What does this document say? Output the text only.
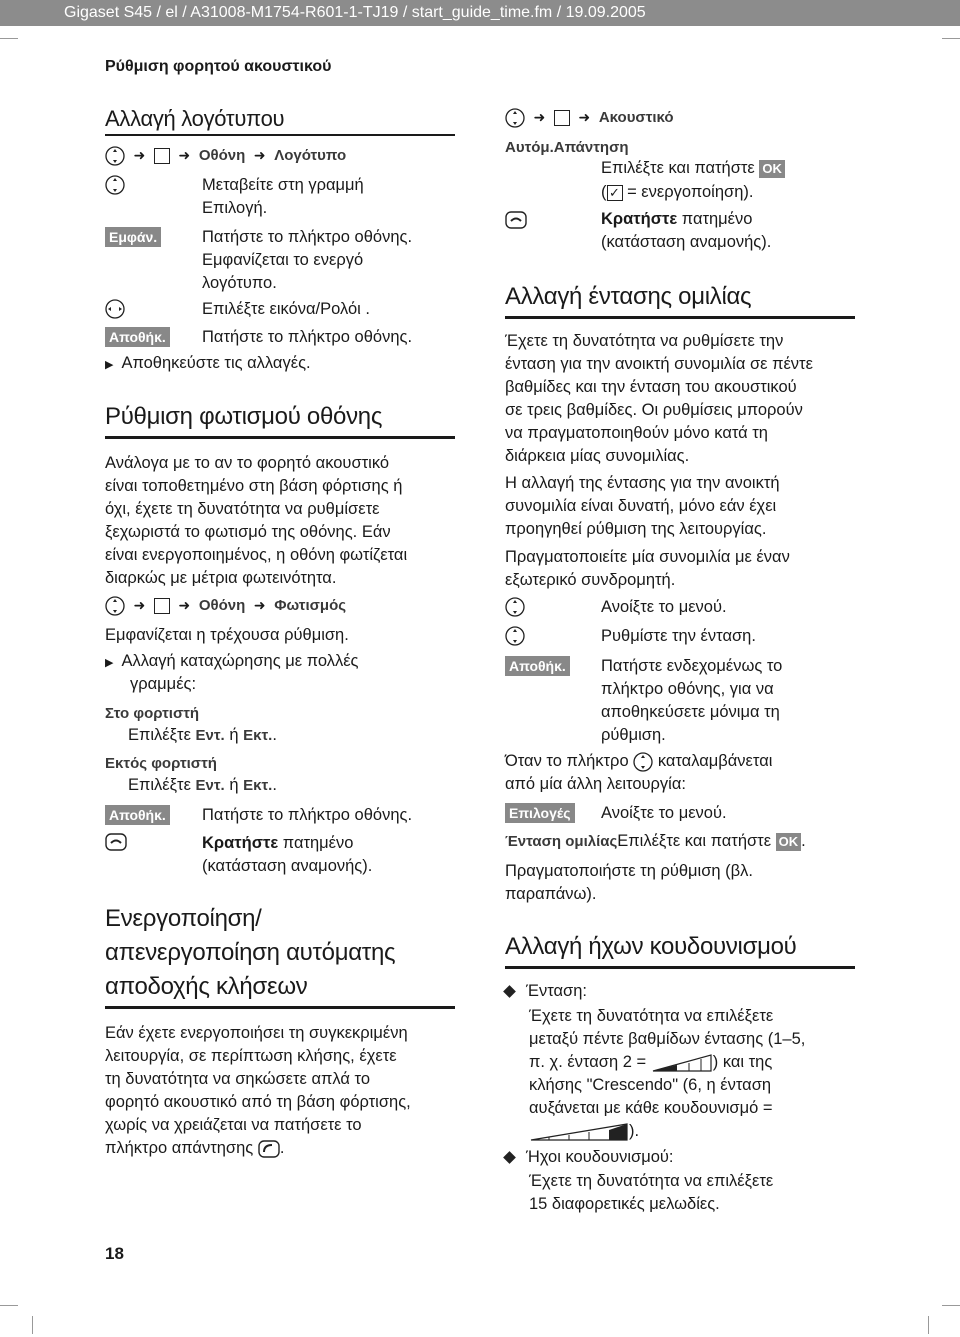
Gigaset S45 / el / A31008-M1754-R601-1-TJ19 / start_guide_time.fm / 19.09.2005
Ρύθμιση φορητού ακουστικού
Αλλαγή λογότυπου
➜ ➜ Οθόνη ➜ Λογότυπο
Μεταβείτε στη γραμμή
Επιλογή.
Εμφάν.	Πατήστε το πλήκτρο οθόνης.
Εμφανίζεται το ενεργό
λογότυπο.
Επιλέξτε εικόνα/Ρολόι .
Αποθήκ. Πατήστε το πλήκτρο οθόνης.
▶ Αποθηκεύστε τις αλλαγές.
Ρύθμιση φωτισμού οθόνης
Ανάλογα με το αν το φορητό ακουστικό
είναι τοποθετημένο στη βάση φόρτισης ή
όχι, έχετε τη δυνατότητα να ρυθμίσετε
ξεχωριστά το φωτισμό της οθόνης. Εάν
είναι ενεργοποιημένος, η οθόνη φωτίζεται
διαρκώς με μέτρια φωτεινότητα.
➜ ➜ Οθόνη ➜ Φωτισμός
Εμφανίζεται η τρέχουσα ρύθμιση.
▶ Αλλαγή καταχώρησης με πολλές
γραμμές:
Στο φορτιστή
Επιλέξτε Εντ. ή Εκτ..
Εκτός φορτιστή
Επιλέξτε Εντ. ή Εκτ..
Αποθήκ. Πατήστε το πλήκτρο οθόνης.
Κρατήστε πατημένο
(κατάσταση αναμονής).
Ενεργοποίηση/
απενεργοποίηση αυτόματης
αποδοχής κλήσεων
Εάν έχετε ενεργοποιήσει τη συγκεκριμένη
λειτουργία, σε περίπτωση κλήσης, έχετε
τη δυνατότητα να σηκώσετε απλά το
φορητό ακουστικό από τη βάση φόρτισης,
χωρίς να χρειάζεται να πατήσετε το
πλήκτρο απάντησης .
➜ ➜ Ακουστικό
Αυτόμ.Απάντηση
Επιλέξτε και πατήστε OK
( ✓ = ενεργοποίηση).
Κρατήστε πατημένο
(κατάσταση αναμονής).
Αλλαγή έντασης ομιλίας
Έχετε τη δυνατότητα να ρυθμίσετε την
ένταση για την ανοικτή συνομιλία σε πέντε
βαθμίδες και την ένταση του ακουστικού
σε τρεις βαθμίδες. Οι ρυθμίσεις μπορούν
να πραγματοποιηθούν μόνο κατά τη
διάρκεια μίας συνομιλίας.
Η αλλαγή της έντασης για την ανοικτή
συνομιλία είναι δυνατή, μόνο εάν έχει
προηγηθεί ρύθμιση της λειτουργίας.
Πραγματοποιείτε μία συνομιλία με έναν
εξωτερικό συνδρομητή.
Ανοίξτε το μενού.
Ρυθμίστε την ένταση.
Αποθήκ. Πατήστε ενδεχομένως το
πλήκτρο οθόνης, για να
αποθηκεύσετε μόνιμα τη
ρύθμιση.
Όταν το πλήκτρο καταλαμβάνεται
από μία άλλη λειτουργία:
Επιλογές Ανοίξτε το μενού.
Ένταση ομιλίαςΕπιλέξτε και πατήστε OK .
Πραγματοποιήστε τη ρύθμιση (βλ.
παραπάνω).
Αλλαγή ήχων κουδουνισμού
Ένταση:
Έχετε τη δυνατότητα να επιλέξετε
μεταξύ πέντε βαθμίδων έντασης (1–5,
π. χ. ένταση 2 =	) και της
κλήσης "Crescendo" (6, η ένταση
αυξάνεται με κάθε κουδουνισμό =
).
Ήχοι κουδουνισμού:
Έχετε τη δυνατότητα να επιλέξετε
15 διαφορετικές μελωδίες.
18
